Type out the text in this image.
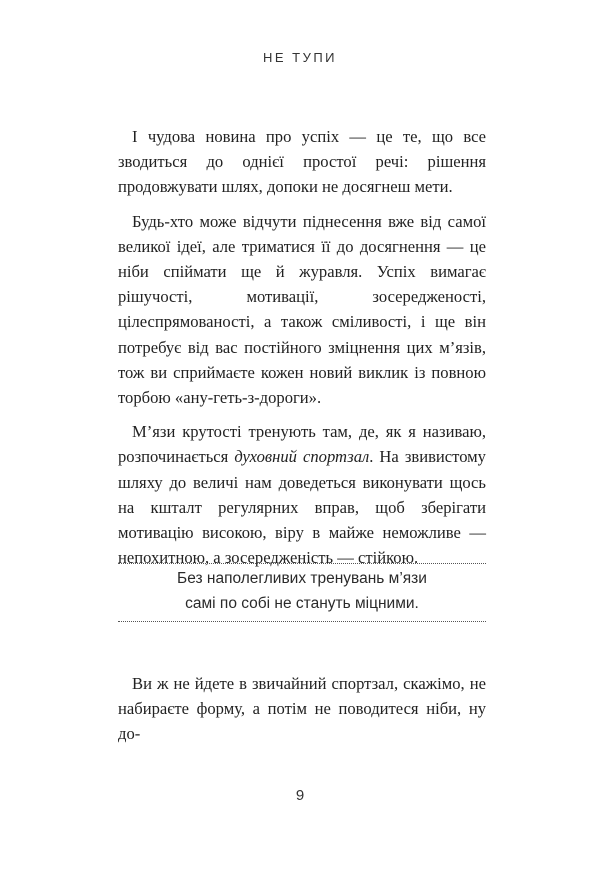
НЕ ТУПИ

І чудова новина про успіх — це те, що все зводиться до однієї простої речі: рішення продовжувати шлях, допоки не досягнеш мети.

Будь-хто може відчути піднесення вже від самої великої ідеї, але триматися її до досягнення — це ніби спіймати ще й журавля. Успіх вимагає рішучості, мотивації, зосередженості, цілеспрямованості, а також сміливості, і ще він потребує від вас постійного зміцнення цих м’язів, тож ви сприймаєте кожен новий виклик із повною торбою «ану-геть-з-дороги».

М’язи крутості тренують там, де, як я називаю, розпочинається духовний спортзал. На звивистому шляху до величі нам доведеться виконувати щось на кшталт регулярних вправ, щоб зберігати мотивацію високою, віру в майже неможливе — непохитною, а зосередженість — стійкою.

Без наполегливих тренувань м’язи
самі по собі не стануть міцними.

Ви ж не йдете в звичайний спортзал, скажімо, не набираєте форму, а потім не поводитеся ніби, ну до-

9
